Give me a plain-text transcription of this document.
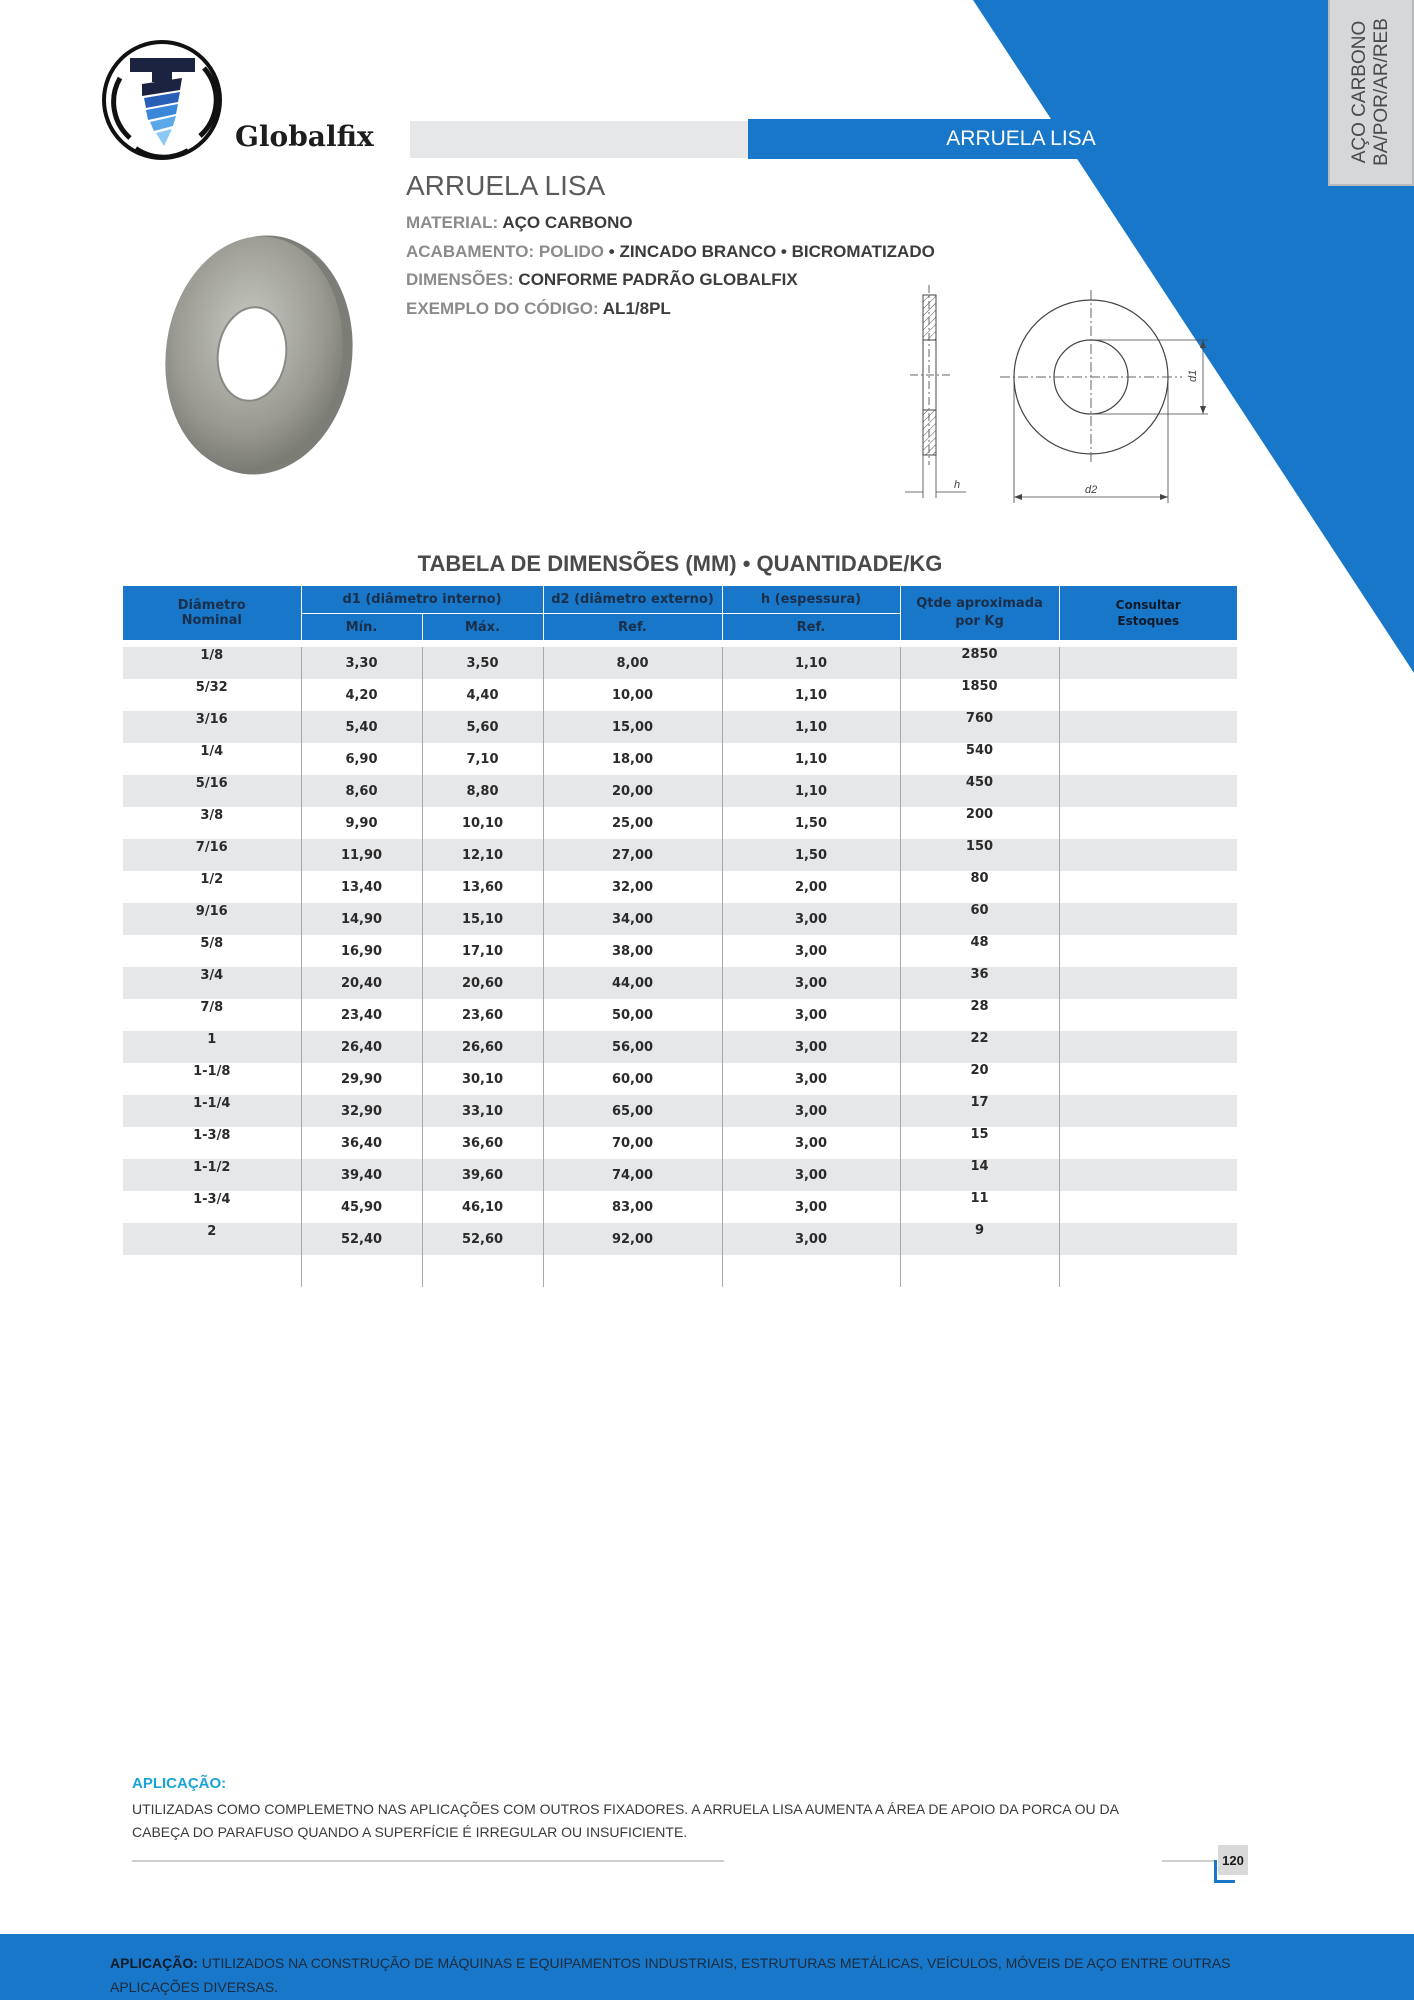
AÇO CARBONO BA/POR/AR/REB
Globalfix	ARRUELA LISA
ARRUELA LISA
MATERIAL: AÇO CARBONO
ACABAMENTO: POLIDO • ZINCADO BRANCO • BICROMATIZADO
DIMENSÕES: CONFORME PADRÃO GLOBALFIX
EXEMPLO DO CÓDIGO: AL1/8PL
h
d1
d2
TABELA DE DIMENSÕES (MM) • QUANTIDADE/KG
Diâmetro Nominal	d1 (diâmetro interno)		d2 (diâmetro externo)	h (espessura)	Qtde aproximada por Kg	Consultar Estoques
	Mín.	Máx.	Ref.	Ref.		

1/8	3,30	3,50	8,00	1,10	2850	
5/32	4,20	4,40	10,00	1,10	1850	
3/16	5,40	5,60	15,00	1,10	760	
1/4	6,90	7,10	18,00	1,10	540	
5/16	8,60	8,80	20,00	1,10	450	
3/8	9,90	10,10	25,00	1,50	200	
7/16	11,90	12,10	27,00	1,50	150	
1/2	13,40	13,60	32,00	2,00	80	
9/16	14,90	15,10	34,00	3,00	60	
5/8	16,90	17,10	38,00	3,00	48	
3/4	20,40	20,60	44,00	3,00	36	
7/8	23,40	23,60	50,00	3,00	28	
1	26,40	26,60	56,00	3,00	22	
1-1/8	29,90	30,10	60,00	3,00	20	
1-1/4	32,90	33,10	65,00	3,00	17	
1-3/8	36,40	36,60	70,00	3,00	15	
1-1/2	39,40	39,60	74,00	3,00	14	
1-3/4	45,90	46,10	83,00	3,00	11	
2	52,40	52,60	92,00	3,00	9	

APLICAÇÃO:
UTILIZADAS COMO COMPLEMETNO NAS APLICAÇÕES COM OUTROS FIXADORES. A ARRUELA LISA AUMENTA A ÁREA DE APOIO DA PORCA OU DA CABEÇA DO PARAFUSO QUANDO A SUPERFÍCIE É IRREGULAR OU INSUFICIENTE.
120

APLICAÇÃO: UTILIZADOS NA CONSTRUÇÃO DE MÁQUINAS E EQUIPAMENTOS INDUSTRIAIS, ESTRUTURAS METÁLICAS, VEÍCULOS, MÓVEIS DE AÇO ENTRE OUTRAS APLICAÇÕES DIVERSAS.
